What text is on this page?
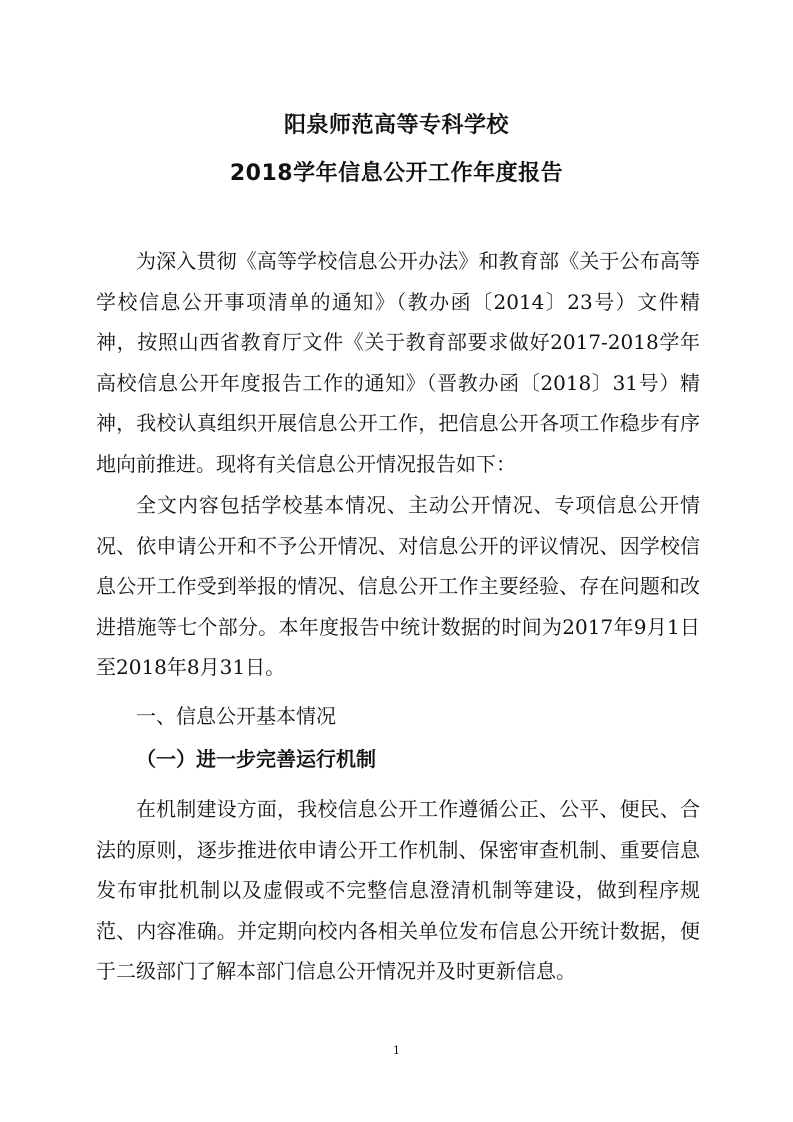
阳泉师范高等专科学校
2018学年信息公开工作年度报告

为深入贯彻《高等学校信息公开办法》和教育部《关于公布高等学校信息公开事项清单的通知》（教办函〔2014〕23号）文件精神，按照山西省教育厅文件《关于教育部要求做好2017-2018学年高校信息公开年度报告工作的通知》（晋教办函〔2018〕31号）精神，我校认真组织开展信息公开工作，把信息公开各项工作稳步有序地向前推进。现将有关信息公开情况报告如下：

全文内容包括学校基本情况、主动公开情况、专项信息公开情况、依申请公开和不予公开情况、对信息公开的评议情况、因学校信息公开工作受到举报的情况、信息公开工作主要经验、存在问题和改进措施等七个部分。本年度报告中统计数据的时间为2017年9月1日至2018年8月31日。

一、信息公开基本情况
（一）进一步完善运行机制

在机制建设方面，我校信息公开工作遵循公正、公平、便民、合法的原则，逐步推进依申请公开工作机制、保密审查机制、重要信息发布审批机制以及虚假或不完整信息澄清机制等建设，做到程序规范、内容准确。并定期向校内各相关单位发布信息公开统计数据，便于二级部门了解本部门信息公开情况并及时更新信息。

1
